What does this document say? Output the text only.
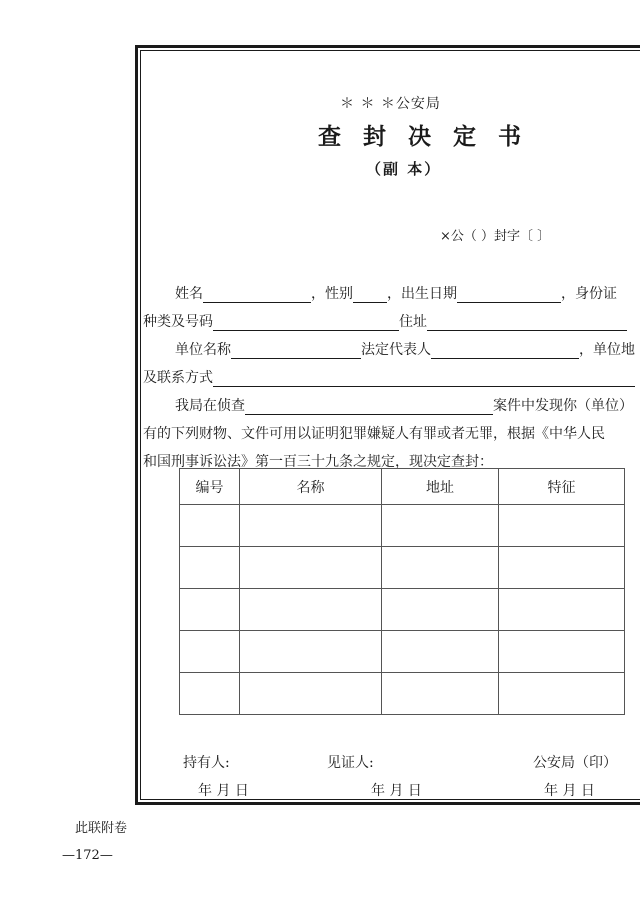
＊ ＊ ＊公安局
查 封 决 定 书
（副 本）
×公（ ）封字〔 〕
姓名	，性别 ，出生日期	，身份证
种类及号码	住址
单位名称	法定代表人	，单位地
及联系方式
我局在侦查	案件中发现你（单位）
有的下列财物、文件可用以证明犯罪嫌疑人有罪或者无罪，根据《中华人民
和国刑事诉讼法》第一百三十九条之规定，现决定查封：
编号	名称	地址	特征

持有人:	见证人:	公安局（印）
年 月 日	年 月 日	年 月 日
此联附卷
—172—
